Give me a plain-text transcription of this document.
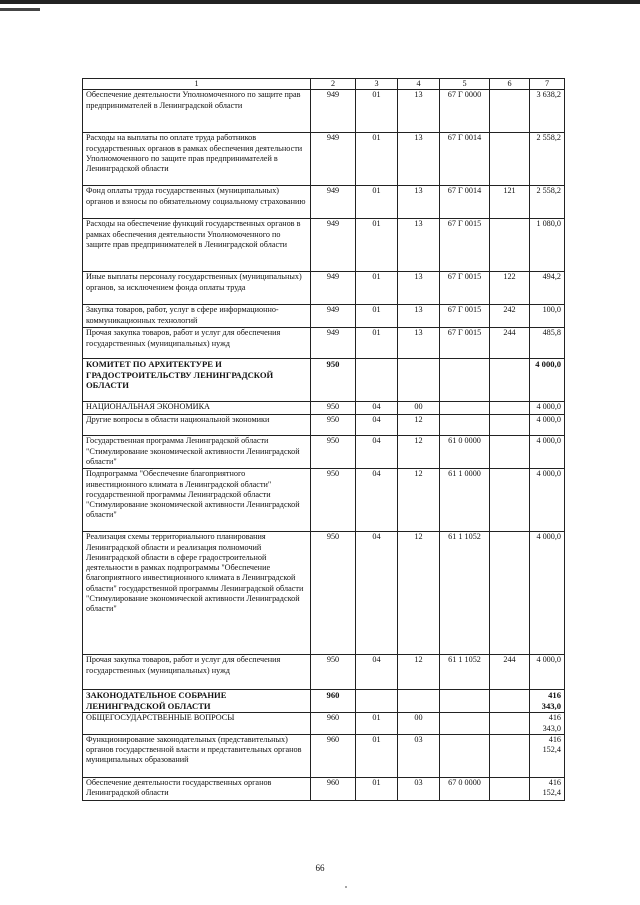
1	2	3	4	5	6	7
Обеспечение деятельности Уполномоченного по защите прав предпринимателей в Ленинградской области	949	01	13	67 Г 0000		3 638,2
Расходы на выплаты по оплате труда работников государственных органов в рамках обеспечения деятельности Уполномоченного по защите прав предпринимателей в Ленинградской области	949	01	13	67 Г 0014		2 558,2
Фонд оплаты труда государственных (муниципальных) органов и взносы по обязательному социальному страхованию	949	01	13	67 Г 0014	121	2 558,2
Расходы на обеспечение функций государственных органов в рамках обеспечения деятельности Уполномоченного по защите прав предпринимателей в Ленинградской области	949	01	13	67 Г 0015		1 080,0
Иные выплаты персоналу государственных (муниципальных) органов, за исключением фонда оплаты труда	949	01	13	67 Г 0015	122	494,2
Закупка товаров, работ, услуг в сфере информационно-коммуникационных технологий	949	01	13	67 Г 0015	242	100,0
Прочая закупка товаров, работ и услуг для обеспечения государственных (муниципальных) нужд	949	01	13	67 Г 0015	244	485,8
КОМИТЕТ ПО АРХИТЕКТУРЕ И ГРАДОСТРОИТЕЛЬСТВУ ЛЕНИНГРАДСКОЙ ОБЛАСТИ	950					4 000,0
НАЦИОНАЛЬНАЯ ЭКОНОМИКА	950	04	00			4 000,0
Другие вопросы в области национальной экономики	950	04	12			4 000,0
Государственная программа Ленинградской области "Стимулирование экономической активности Ленинградской области"	950	04	12	61 0 0000		4 000,0
Подпрограмма "Обеспечение благоприятного инвестиционного климата в Ленинградской области" государственной программы Ленинградской области "Стимулирование экономической активности Ленинградской области"	950	04	12	61 1 0000		4 000,0
Реализация схемы территориального планирования Ленинградской области и реализация полномочий Ленинградской области в сфере градостроительной деятельности в рамках подпрограммы "Обеспечение благоприятного инвестиционного климата в Ленинградской области" государственной программы Ленинградской области "Стимулирование экономической активности Ленинградской области"	950	04	12	61 1 1052		4 000,0
Прочая закупка товаров, работ и услуг для обеспечения государственных (муниципальных) нужд	950	04	12	61 1 1052	244	4 000,0
ЗАКОНОДАТЕЛЬНОЕ СОБРАНИЕ ЛЕНИНГРАДСКОЙ ОБЛАСТИ	960					416 343,0
ОБЩЕГОСУДАРСТВЕННЫЕ ВОПРОСЫ	960	01	00			416 343,0
Функционирование законодательных (представительных) органов государственной власти и представительных органов муниципальных образований	960	01	03			416 152,4
Обеспечение деятельности государственных органов Ленинградской области	960	01	03	67 0 0000		416 152,4
66
